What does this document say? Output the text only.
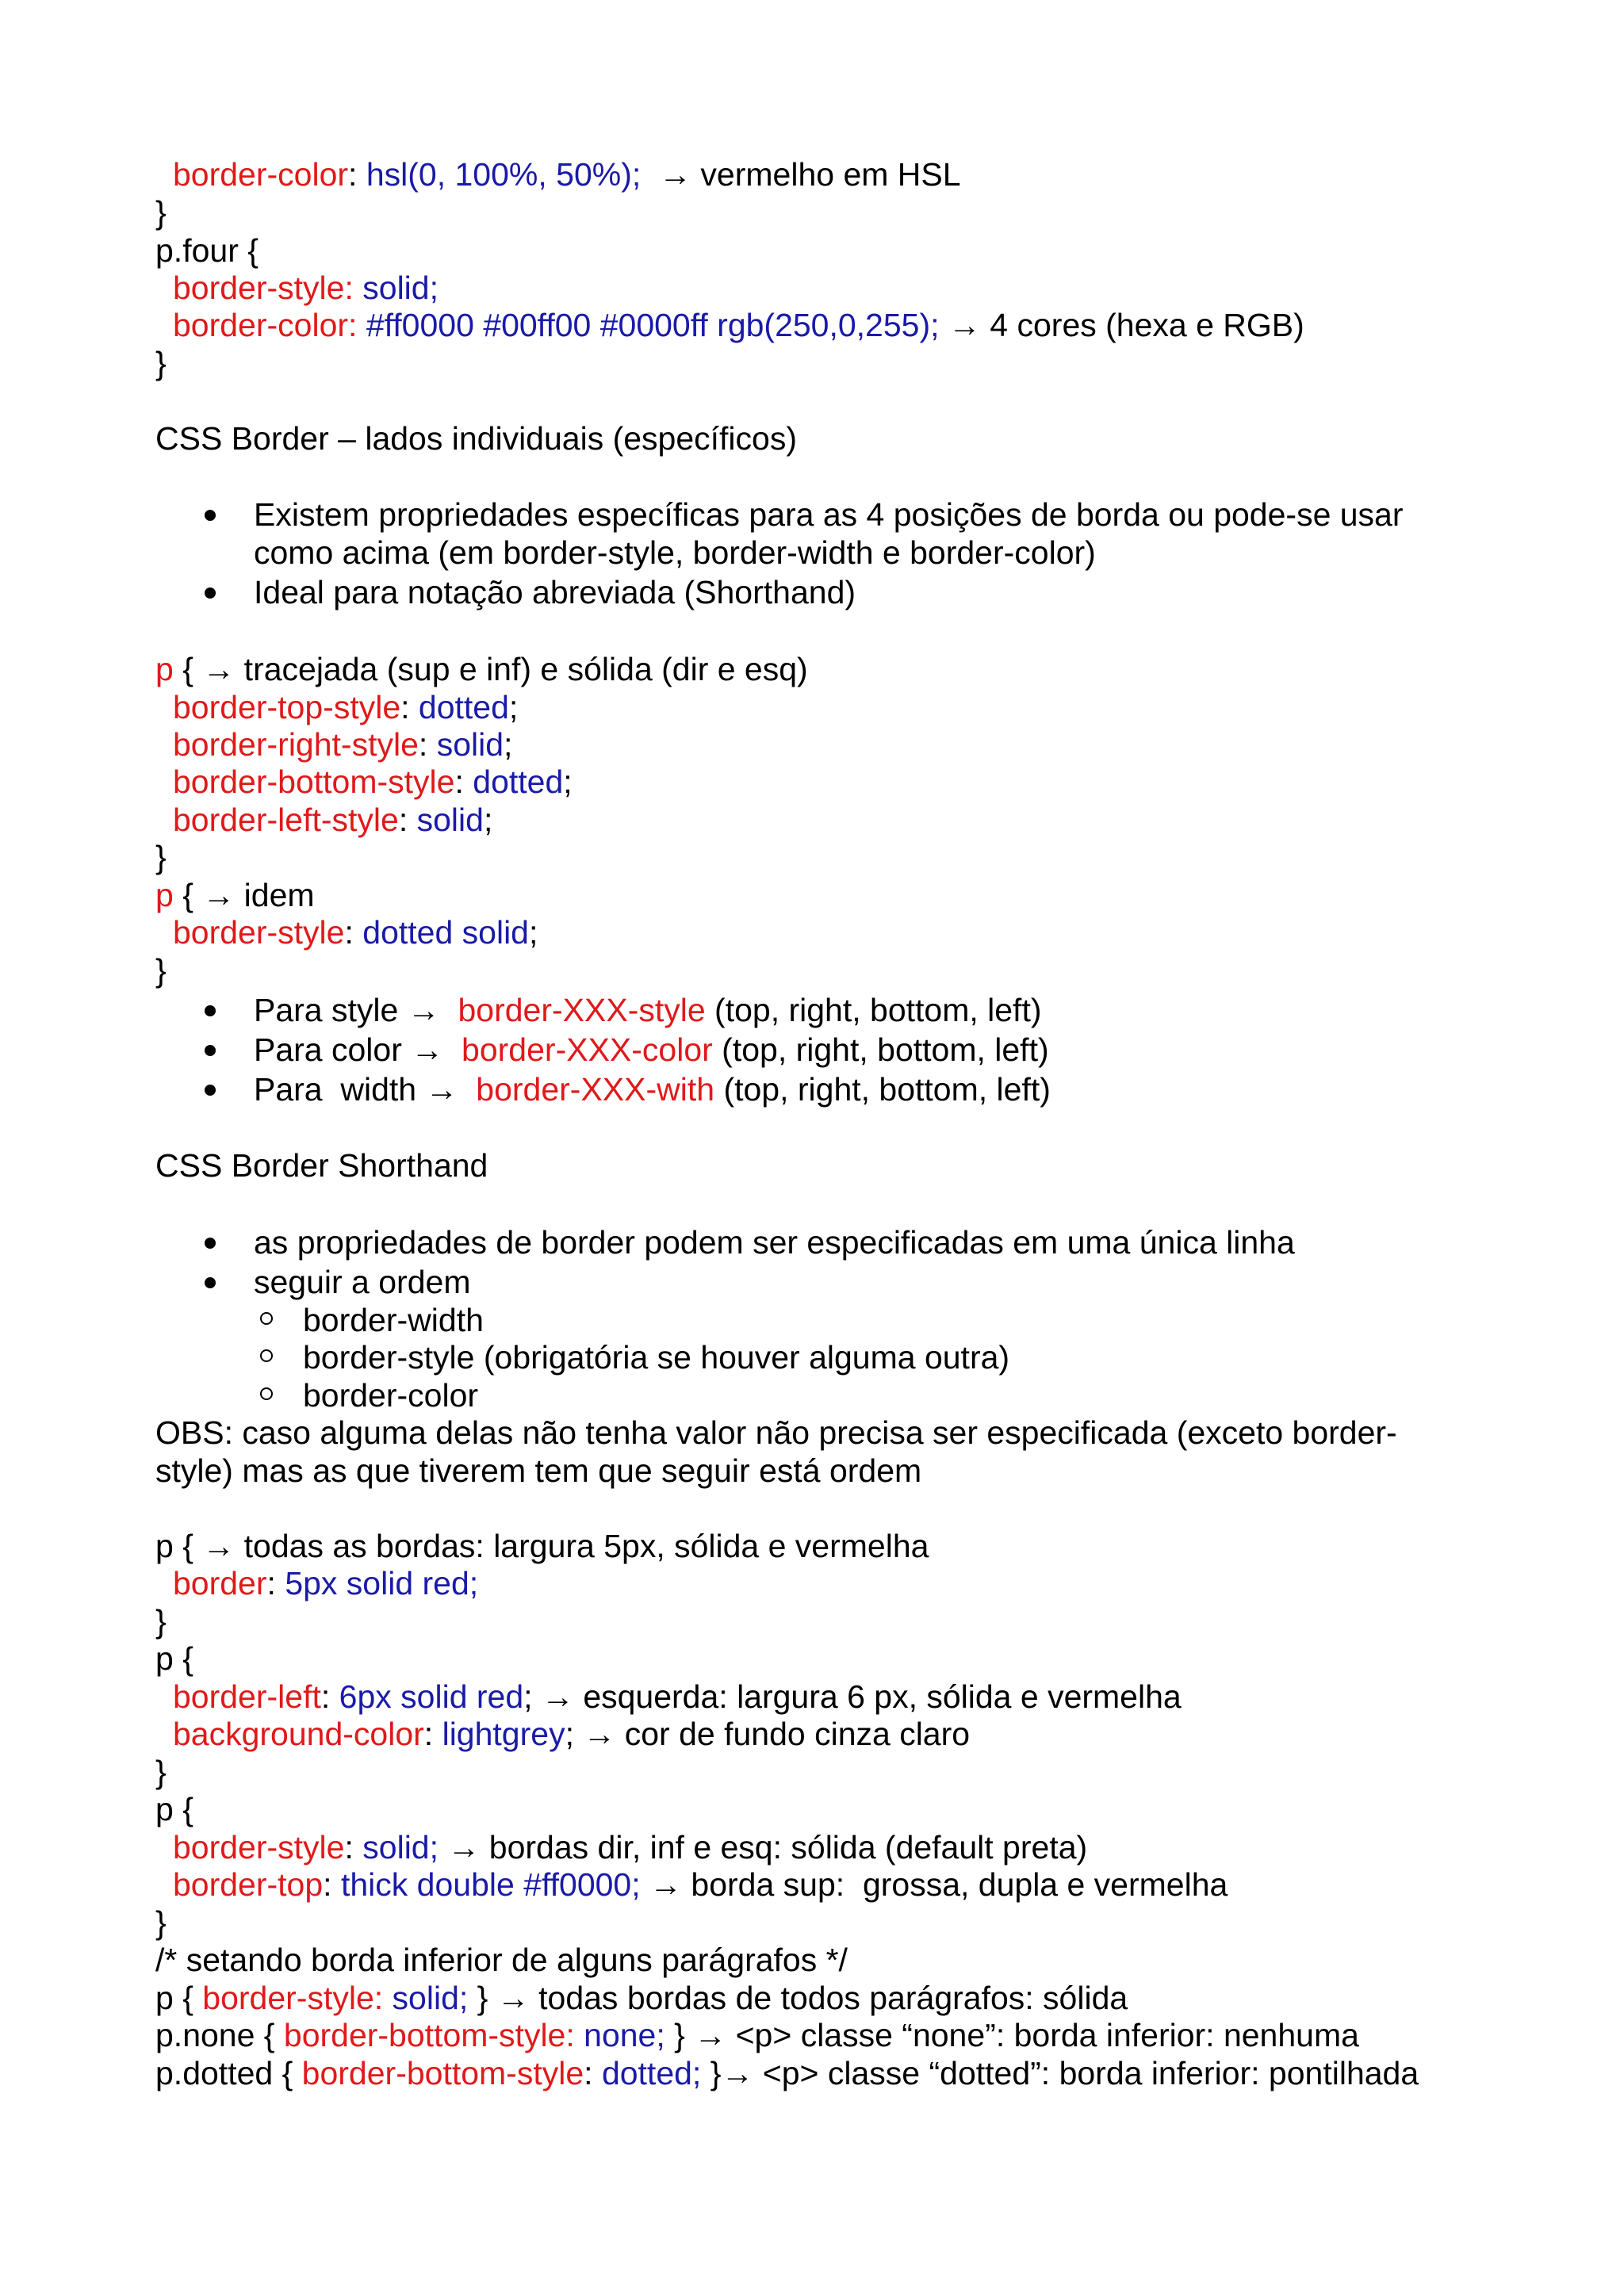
border-color: hsl(0, 100%, 50%);  → vermelho em HSL
}
p.four {
border-style: solid;
border-color: #ff0000 #00ff00 #0000ff rgb(250,0,255); → 4 cores (hexa e RGB)
}
CSS Border – lados individuais (específicos)
Existem propriedades específicas para as 4 posições de borda ou pode-se usar
como acima (em border-style, border-width e border-color)
Ideal para notação abreviada (Shorthand)
p { → tracejada (sup e inf) e sólida (dir e esq)
border-top-style: dotted;
border-right-style: solid;
border-bottom-style: dotted;
border-left-style: solid;
}
p { → idem
border-style: dotted solid;
}
Para style →  border-XXX-style (top, right, bottom, left)
Para color →  border-XXX-color (top, right, bottom, left)
Para  width →  border-XXX-with (top, right, bottom, left)
CSS Border Shorthand
as propriedades de border podem ser especificadas em uma única linha
seguir a ordem
border-width
border-style (obrigatória se houver alguma outra)
border-color
OBS: caso alguma delas não tenha valor não precisa ser especificada (exceto border-
style) mas as que tiverem tem que seguir está ordem
p { → todas as bordas: largura 5px, sólida e vermelha
border: 5px solid red;
}
p {
border-left: 6px solid red; → esquerda: largura 6 px, sólida e vermelha
background-color: lightgrey; → cor de fundo cinza claro
}
p {
border-style: solid; → bordas dir, inf e esq: sólida (default preta)
border-top: thick double #ff0000; → borda sup:  grossa, dupla e vermelha
}
/* setando borda inferior de alguns parágrafos */
p { border-style: solid; } → todas bordas de todos parágrafos: sólida
p.none { border-bottom-style: none; } → <p> classe “none”: borda inferior: nenhuma
p.dotted { border-bottom-style: dotted; }→ <p> classe “dotted”: borda inferior: pontilhada
